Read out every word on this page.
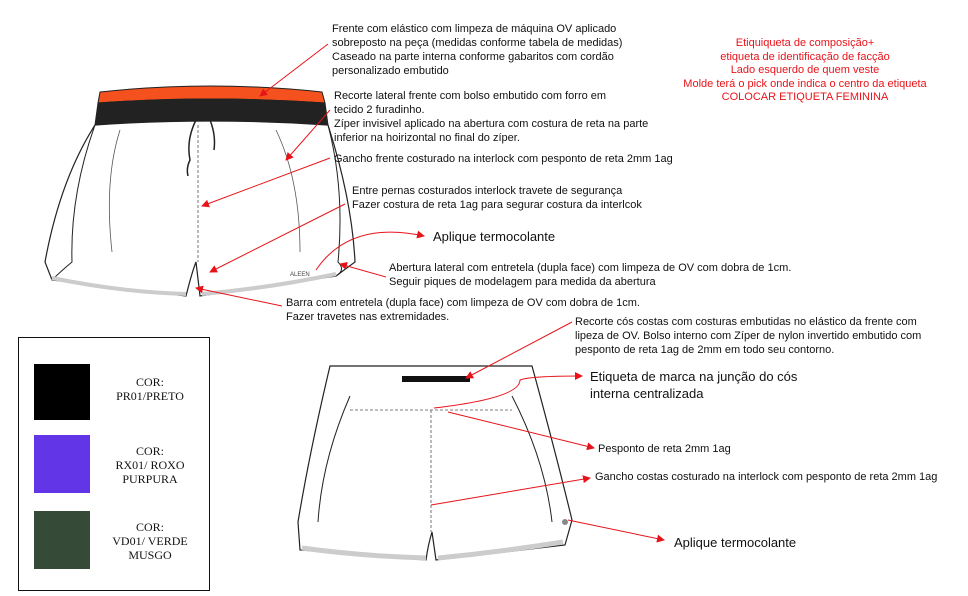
ALEEN
Frente com elástico com limpeza de máquina OV aplicado
sobreposto na peça (medidas conforme tabela de medidas)
Caseado na parte interna conforme gabaritos com cordão
personalizado embutido
Recorte lateral frente com bolso embutido com forro em
tecido 2 furadinho.
Zíper invisivel aplicado na abertura com costura de reta na parte
inferior na hoirizontal no final do zíper.
Gancho frente costurado na interlock com pesponto de reta 2mm 1ag
Entre pernas costurados interlock travete de segurança
Fazer costura de reta 1ag para segurar costura da interlcok
Aplique termocolante
Abertura lateral com entretela (dupla face) com limpeza de OV com dobra de 1cm.
Seguir piques de modelagem para medida da abertura
Barra com entretela (dupla face) com limpeza de OV com dobra de 1cm.
Fazer travetes nas extremidades.	Recorte cós costas com costuras embutidas no elástico da frente com
lipeza de OV. Bolso interno com Zíper de nylon invertido embutido com
pesponto de reta 1ag de 2mm em todo seu contorno.
Etiqueta de marca na junção do cós
interna centralizada
Pesponto de reta 2mm 1ag
Gancho costas costurado na interlock com pesponto de reta 2mm 1ag
Aplique termocolante
Etiquiqueta de composição+
etiqueta de identificação de facção
Lado esquerdo de quem veste
Molde terá o pick onde indica o centro da etiqueta
COLOCAR ETIQUETA FEMININA
COR:
PR01/PRETO
COR:
RX01/ ROXO
PURPURA
COR:
VD01/ VERDE
MUSGO
